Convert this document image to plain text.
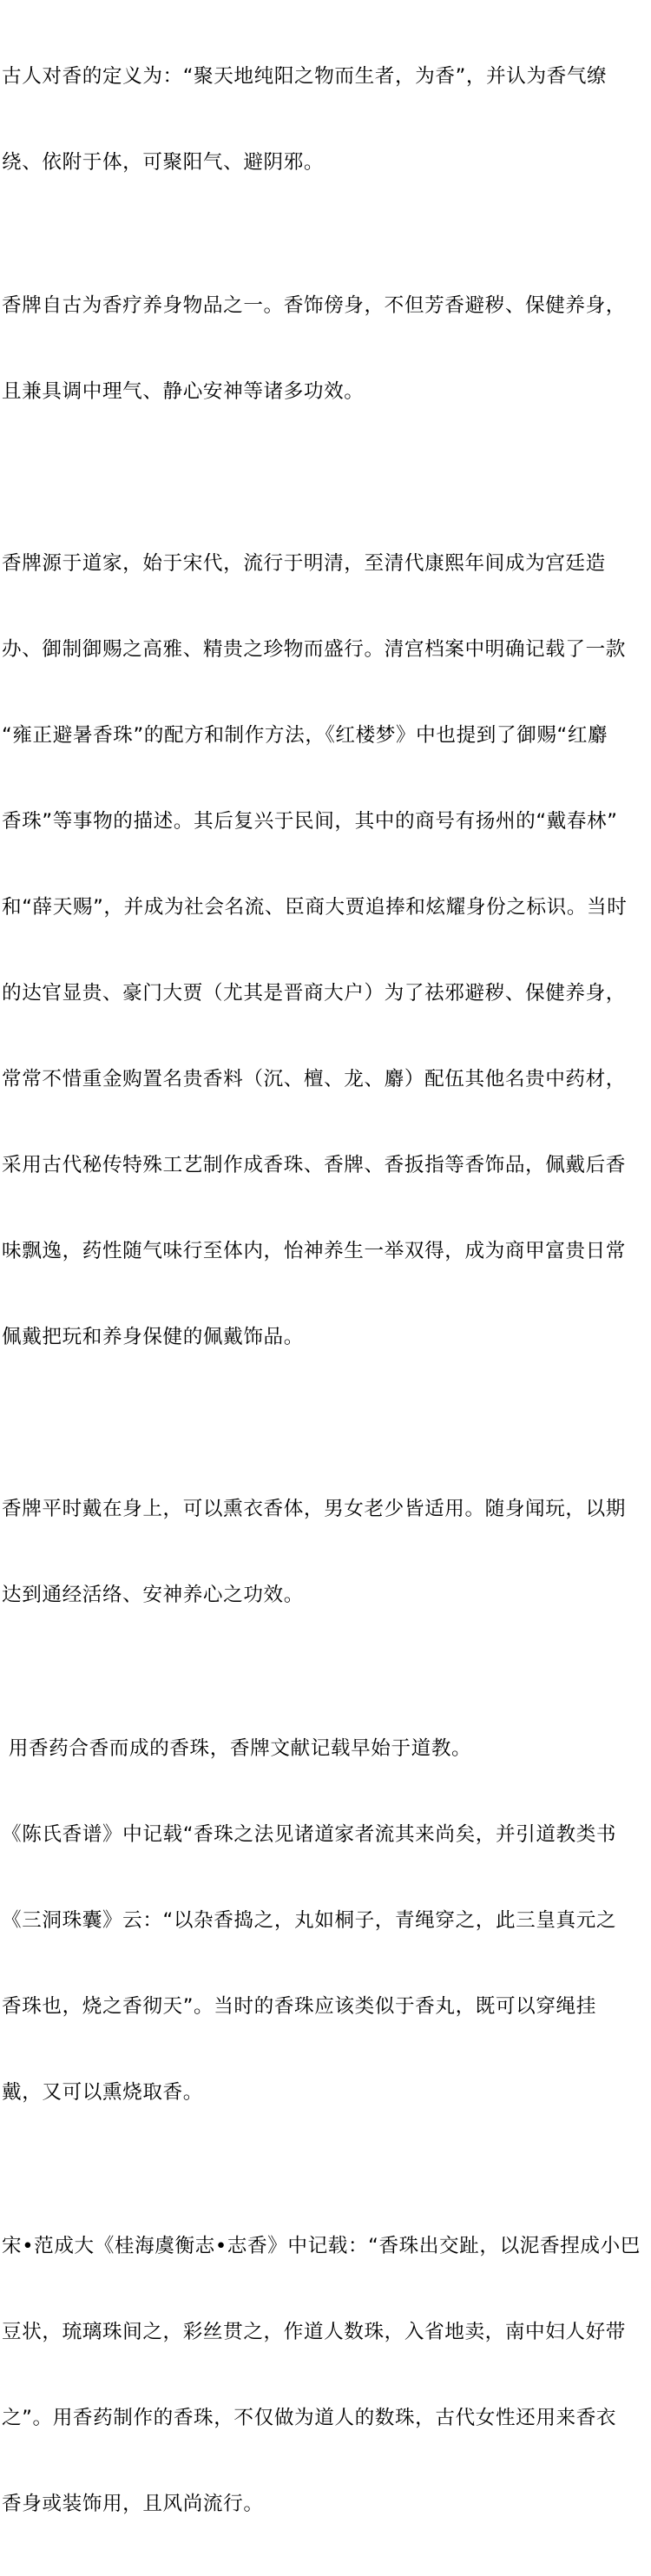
古人对香的定义为：“聚天地纯阳之物而生者，为香”，并认为香气缭

绕、依附于体，可聚阳气、避阴邪。

香牌自古为香疗养身物品之一。香饰傍身，不但芳香避秽、保健养身，

且兼具调中理气、静心安神等诸多功效。

香牌源于道家，始于宋代，流行于明清，至清代康熙年间成为宫廷造

办、御制御赐之高雅、精贵之珍物而盛行。清宫档案中明确记载了一款

“雍正避暑香珠”的配方和制作方法，《红楼梦》中也提到了御赐“红麝

香珠”等事物的描述。其后复兴于民间，其中的商号有扬州的“戴春林”

和“薛天赐”，并成为社会名流、臣商大贾追捧和炫耀身份之标识。当时

的达官显贵、豪门大贾（尤其是晋商大户）为了祛邪避秽、保健养身，

常常不惜重金购置名贵香料（沉、檀、龙、麝）配伍其他名贵中药材，

采用古代秘传特殊工艺制作成香珠、香牌、香扳指等香饰品，佩戴后香

味飘逸，药性随气味行至体内，怡神养生一举双得，成为商甲富贵日常

佩戴把玩和养身保健的佩戴饰品。

香牌平时戴在身上，可以熏衣香体，男女老少皆适用。随身闻玩，以期

达到通经活络、安神养心之功效。

用香药合香而成的香珠，香牌文献记载早始于道教。

《陈氏香谱》中记载“香珠之法见诸道家者流其来尚矣，并引道教类书

《三洞珠囊》云：“以杂香捣之，丸如桐子，青绳穿之，此三皇真元之

香珠也，烧之香彻天”。当时的香珠应该类似于香丸，既可以穿绳挂

戴，又可以熏烧取香。

宋•范成大《桂海虞衡志•志香》中记载：“香珠出交趾，以泥香捏成小巴

豆状，琉璃珠间之，彩丝贯之，作道人数珠，入省地卖，南中妇人好带

之”。用香药制作的香珠，不仅做为道人的数珠，古代女性还用来香衣

香身或装饰用，且风尚流行。
